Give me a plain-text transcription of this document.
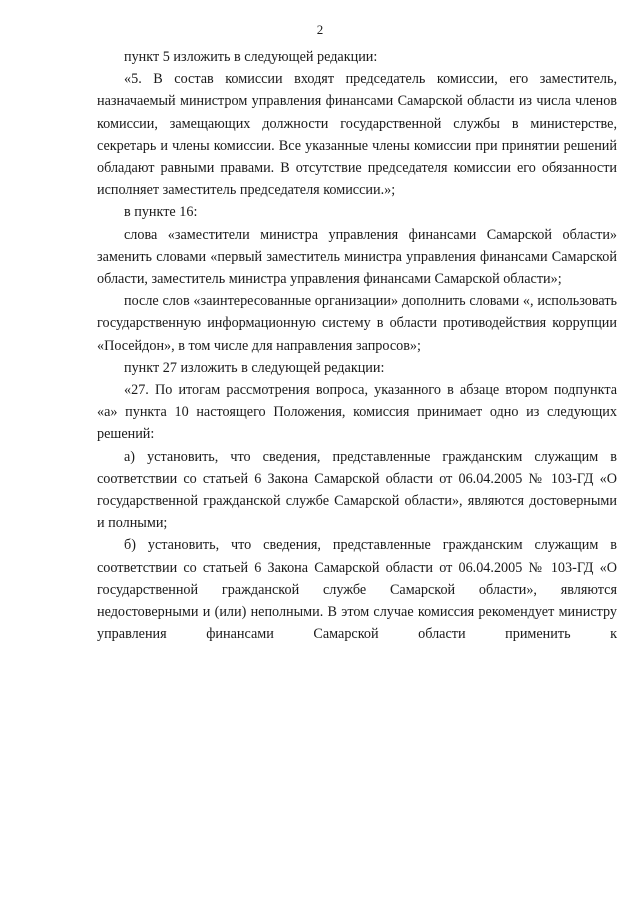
2

пункт 5 изложить в следующей редакции:

«5. В состав комиссии входят председатель комиссии, его заместитель, назначаемый министром управления финансами Самарской области из числа членов комиссии, замещающих должности государственной службы в министерстве, секретарь и члены комиссии. Все указанные члены комиссии при принятии решений обладают равными правами. В отсутствие председателя комиссии его обязанности исполняет заместитель председателя комиссии.»;

в пункте 16:

слова «заместители министра управления финансами Самарской области» заменить словами «первый заместитель министра управления финансами Самарской области, заместитель министра управления финансами Самарской области»;

после слов «заинтересованные организации» дополнить словами «, использовать государственную информационную систему в области противодействия коррупции «Посейдон», в том числе для направления запросов»;

пункт 27 изложить в следующей редакции:

«27. По итогам рассмотрения вопроса, указанного в абзаце втором подпункта «а» пункта 10 настоящего Положения, комиссия принимает одно из следующих решений:

а) установить, что сведения, представленные гражданским служащим в соответствии со статьей 6 Закона Самарской области от 06.04.2005 № 103-ГД «О государственной гражданской службе Самарской области», являются достоверными и полными;

б) установить, что сведения, представленные гражданским служащим в соответствии со статьей 6 Закона Самарской области от 06.04.2005 № 103-ГД «О государственной гражданской службе Самарской области», являются недостоверными и (или) неполными. В этом случае комиссия рекомендует министру управления финансами Самарской области применить к
